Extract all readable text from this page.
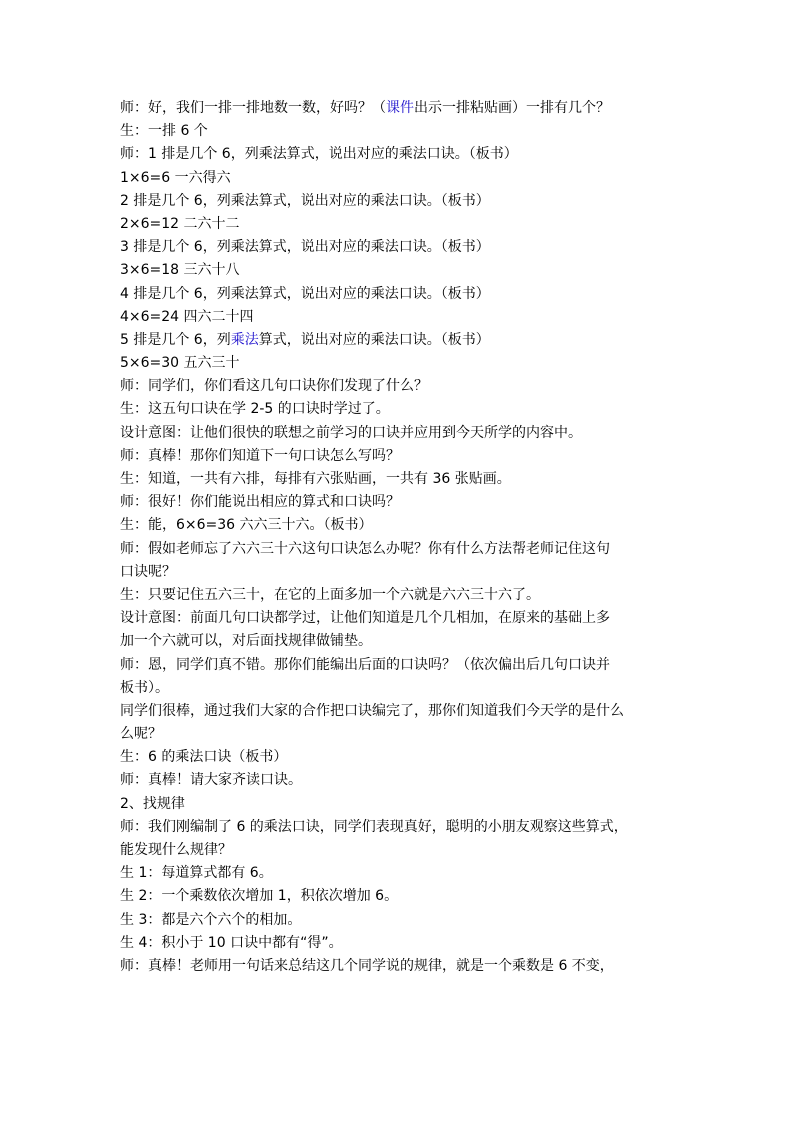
师：好，我们一排一排地数一数，好吗？（课件出示一排粘贴画）一排有几个？
生：一排 6 个
师：1 排是几个 6，列乘法算式，说出对应的乘法口诀。（板书）
1×6=6 一六得六
2 排是几个 6，列乘法算式，说出对应的乘法口诀。（板书）
2×6=12 二六十二
3 排是几个 6，列乘法算式，说出对应的乘法口诀。（板书）
3×6=18 三六十八
4 排是几个 6，列乘法算式，说出对应的乘法口诀。（板书）
4×6=24 四六二十四
5 排是几个 6，列乘法算式，说出对应的乘法口诀。（板书）
5×6=30 五六三十
师：同学们，你们看这几句口诀你们发现了什么？
生：这五句口诀在学 2-5 的口诀时学过了。
设计意图：让他们很快的联想之前学习的口诀并应用到今天所学的内容中。
师：真棒！那你们知道下一句口诀怎么写吗？
生：知道，一共有六排，每排有六张贴画，一共有 36 张贴画。
师：很好！你们能说出相应的算式和口诀吗？
生：能，6×6=36 六六三十六。（板书）
师：假如老师忘了六六三十六这句口诀怎么办呢？你有什么方法帮老师记住这句
口诀呢？
生：只要记住五六三十，在它的上面多加一个六就是六六三十六了。
设计意图：前面几句口诀都学过，让他们知道是几个几相加，在原来的基础上多
加一个六就可以，对后面找规律做铺垫。
师：恩，同学们真不错。那你们能编出后面的口诀吗？（依次偏出后几句口诀并
板书）。
同学们很棒，通过我们大家的合作把口诀编完了，那你们知道我们今天学的是什么
么呢？
生：6 的乘法口诀（板书）
师：真棒！请大家齐读口诀。
2、找规律
师：我们刚编制了 6 的乘法口诀，同学们表现真好，聪明的小朋友观察这些算式，
能发现什么规律？
生 1：每道算式都有 6。
生 2：一个乘数依次增加 1，积依次增加 6。
生 3：都是六个六个的相加。
生 4：积小于 10 口诀中都有“得”。
师：真棒！老师用一句话来总结这几个同学说的规律，就是一个乘数是 6 不变，
